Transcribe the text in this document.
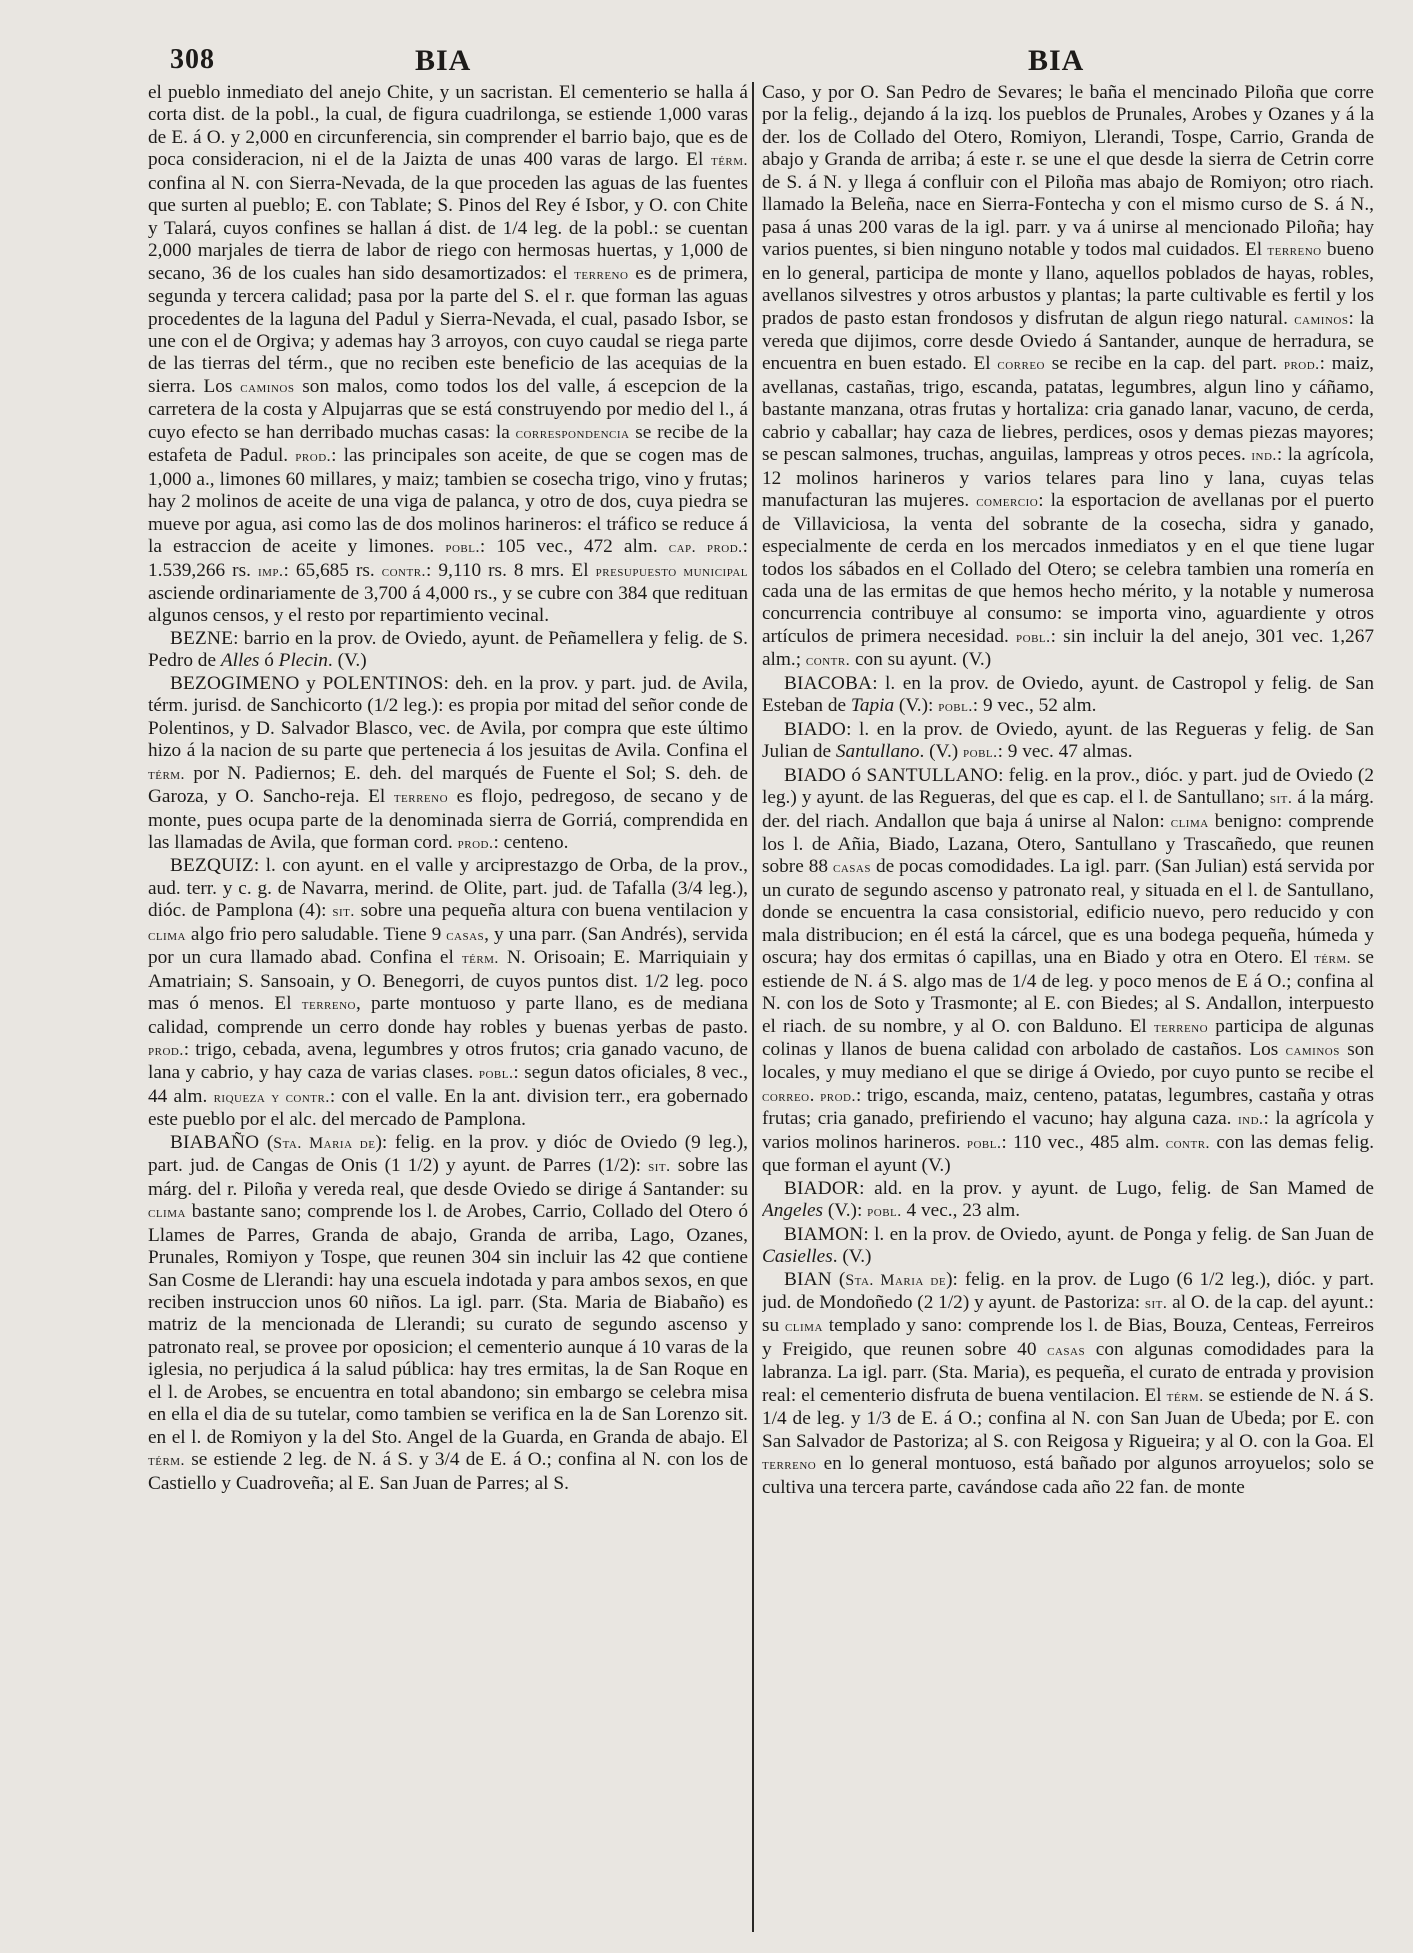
308	BIA	BIA

el pueblo inmediato del anejo Chite, y un sacristan. El cementerio se halla á corta dist. de la pobl., la cual, de figura cuadrilonga, se estiende 1,000 varas de E. á O. y 2,000 en circunferencia, sin comprender el barrio bajo, que es de poca consideracion, ni el de la Jaizta de unas 400 varas de largo. El térm. confina al N. con Sierra-Nevada, de la que proceden las aguas de las fuentes que surten al pueblo; E. con Tablate; S. Pinos del Rey é Isbor, y O. con Chite y Talará, cuyos confines se hallan á dist. de 1/4 leg. de la pobl.: se cuentan 2,000 marjales de tierra de labor de riego con hermosas huertas, y 1,000 de secano, 36 de los cuales han sido desamortizados: el terreno es de primera, segunda y tercera calidad; pasa por la parte del S. el r. que forman las aguas procedentes de la laguna del Padul y Sierra-Nevada, el cual, pasado Isbor, se une con el de Orgiva; y ademas hay 3 arroyos, con cuyo caudal se riega parte de las tierras del térm., que no reciben este beneficio de las acequias de la sierra. Los caminos son malos, como todos los del valle, á escepcion de la carretera de la costa y Alpujarras que se está construyendo por medio del l., á cuyo efecto se han derribado muchas casas: la correspondencia se recibe de la estafeta de Padul. prod.: las principales son aceite, de que se cogen mas de 1,000 a., limones 60 millares, y maiz; tambien se cosecha trigo, vino y frutas; hay 2 molinos de aceite de una viga de palanca, y otro de dos, cuya piedra se mueve por agua, asi como las de dos molinos harineros: el tráfico se reduce á la estraccion de aceite y limones. pobl.: 105 vec., 472 alm. cap. prod.: 1.539,266 rs. imp.: 65,685 rs. contr.: 9,110 rs. 8 mrs. El presupuesto municipal asciende ordinariamente de 3,700 á 4,000 rs., y se cubre con 384 que redituan algunos censos, y el resto por repartimiento vecinal.

BEZNE: barrio en la prov. de Oviedo, ayunt. de Peñamellera y felig. de S. Pedro de Alles ó Plecin. (V.)

BEZOGIMENO y POLENTINOS: deh. en la prov. y part. jud. de Avila, térm. jurisd. de Sanchicorto (1/2 leg.): es propia por mitad del señor conde de Polentinos, y D. Salvador Blasco, vec. de Avila, por compra que este último hizo á la nacion de su parte que pertenecia á los jesuitas de Avila. Confina el térm. por N. Padiernos; E. deh. del marqués de Fuente el Sol; S. deh. de Garoza, y O. Sancho-reja. El terreno es flojo, pedregoso, de secano y de monte, pues ocupa parte de la denominada sierra de Gorriá, comprendida en las llamadas de Avila, que forman cord. prod.: centeno.

BEZQUIZ: l. con ayunt. en el valle y arciprestazgo de Orba, de la prov., aud. terr. y c. g. de Navarra, merind. de Olite, part. jud. de Tafalla (3/4 leg.), dióc. de Pamplona (4): sit. sobre una pequeña altura con buena ventilacion y clima algo frio pero saludable. Tiene 9 casas, y una parr. (San Andrés), servida por un cura llamado abad. Confina el térm. N. Orisoain; E. Marriquiain y Amatriain; S. Sansoain, y O. Benegorri, de cuyos puntos dist. 1/2 leg. poco mas ó menos. El terreno, parte montuoso y parte llano, es de mediana calidad, comprende un cerro donde hay robles y buenas yerbas de pasto. prod.: trigo, cebada, avena, legumbres y otros frutos; cria ganado vacuno, de lana y cabrio, y hay caza de varias clases. pobl.: segun datos oficiales, 8 vec., 44 alm. riqueza y contr.: con el valle. En la ant. division terr., era gobernado este pueblo por el alc. del mercado de Pamplona.

BIABAÑO (Sta. Maria de): felig. en la prov. y dióc de Oviedo (9 leg.), part. jud. de Cangas de Onis (1 1/2) y ayunt. de Parres (1/2): sit. sobre las márg. del r. Piloña y vereda real, que desde Oviedo se dirige á Santander: su clima bastante sano; comprende los l. de Arobes, Carrio, Collado del Otero ó Llames de Parres, Granda de abajo, Granda de arriba, Lago, Ozanes, Prunales, Romiyon y Tospe, que reunen 304 sin incluir las 42 que contiene San Cosme de Llerandi: hay una escuela indotada y para ambos sexos, en que reciben instruccion unos 60 niños. La igl. parr. (Sta. Maria de Biabaño) es matriz de la mencionada de Llerandi; su curato de segundo ascenso y patronato real, se provee por oposicion; el cementerio aunque á 10 varas de la iglesia, no perjudica á la salud pública: hay tres ermitas, la de San Roque en el l. de Arobes, se encuentra en total abandono; sin embargo se celebra misa en ella el dia de su tutelar, como tambien se verifica en la de San Lorenzo sit. en el l. de Romiyon y la del Sto. Angel de la Guarda, en Granda de abajo. El térm. se estiende 2 leg. de N. á S. y 3/4 de E. á O.; confina al N. con los de Castiello y Cuadroveña; al E. San Juan de Parres; al S.

Caso, y por O. San Pedro de Sevares; le baña el mencinado Piloña que corre por la felig., dejando á la izq. los pueblos de Prunales, Arobes y Ozanes y á la der. los de Collado del Otero, Romiyon, Llerandi, Tospe, Carrio, Granda de abajo y Granda de arriba; á este r. se une el que desde la sierra de Cetrin corre de S. á N. y llega á confluir con el Piloña mas abajo de Romiyon; otro riach. llamado la Beleña, nace en Sierra-Fontecha y con el mismo curso de S. á N., pasa á unas 200 varas de la igl. parr. y va á unirse al mencionado Piloña; hay varios puentes, si bien ninguno notable y todos mal cuidados. El terreno bueno en lo general, participa de monte y llano, aquellos poblados de hayas, robles, avellanos silvestres y otros arbustos y plantas; la parte cultivable es fertil y los prados de pasto estan frondosos y disfrutan de algun riego natural. caminos: la vereda que dijimos, corre desde Oviedo á Santander, aunque de herradura, se encuentra en buen estado. El correo se recibe en la cap. del part. prod.: maiz, avellanas, castañas, trigo, escanda, patatas, legumbres, algun lino y cáñamo, bastante manzana, otras frutas y hortaliza: cria ganado lanar, vacuno, de cerda, cabrio y caballar; hay caza de liebres, perdices, osos y demas piezas mayores; se pescan salmones, truchas, anguilas, lampreas y otros peces. ind.: la agrícola, 12 molinos harineros y varios telares para lino y lana, cuyas telas manufacturan las mujeres. comercio: la esportacion de avellanas por el puerto de Villaviciosa, la venta del sobrante de la cosecha, sidra y ganado, especialmente de cerda en los mercados inmediatos y en el que tiene lugar todos los sábados en el Collado del Otero; se celebra tambien una romería en cada una de las ermitas de que hemos hecho mérito, y la notable y numerosa concurrencia contribuye al consumo: se importa vino, aguardiente y otros artículos de primera necesidad. pobl.: sin incluir la del anejo, 301 vec. 1,267 alm.; contr. con su ayunt. (V.)

BIACOBA: l. en la prov. de Oviedo, ayunt. de Castropol y felig. de San Esteban de Tapia (V.): pobl.: 9 vec., 52 alm.

BIADO: l. en la prov. de Oviedo, ayunt. de las Regueras y felig. de San Julian de Santullano. (V.) pobl.: 9 vec. 47 almas.

BIADO ó SANTULLANO: felig. en la prov., dióc. y part. jud de Oviedo (2 leg.) y ayunt. de las Regueras, del que es cap. el l. de Santullano; sit. á la márg. der. del riach. Andallon que baja á unirse al Nalon: clima benigno: comprende los l. de Añia, Biado, Lazana, Otero, Santullano y Trascañedo, que reunen sobre 88 casas de pocas comodidades. La igl. parr. (San Julian) está servida por un curato de segundo ascenso y patronato real, y situada en el l. de Santullano, donde se encuentra la casa consistorial, edificio nuevo, pero reducido y con mala distribucion; en él está la cárcel, que es una bodega pequeña, húmeda y oscura; hay dos ermitas ó capillas, una en Biado y otra en Otero. El térm. se estiende de N. á S. algo mas de 1/4 de leg. y poco menos de E á O.; confina al N. con los de Soto y Trasmonte; al E. con Biedes; al S. Andallon, interpuesto el riach. de su nombre, y al O. con Balduno. El terreno participa de algunas colinas y llanos de buena calidad con arbolado de castaños. Los caminos son locales, y muy mediano el que se dirige á Oviedo, por cuyo punto se recibe el correo. prod.: trigo, escanda, maiz, centeno, patatas, legumbres, castaña y otras frutas; cria ganado, prefiriendo el vacuno; hay alguna caza. ind.: la agrícola y varios molinos harineros. pobl.: 110 vec., 485 alm. contr. con las demas felig. que forman el ayunt (V.)

BIADOR: ald. en la prov. y ayunt. de Lugo, felig. de San Mamed de Angeles (V.): pobl. 4 vec., 23 alm.

BIAMON: l. en la prov. de Oviedo, ayunt. de Ponga y felig. de San Juan de Casielles. (V.)

BIAN (Sta. Maria de): felig. en la prov. de Lugo (6 1/2 leg.), dióc. y part. jud. de Mondoñedo (2 1/2) y ayunt. de Pastoriza: sit. al O. de la cap. del ayunt.: su clima templado y sano: comprende los l. de Bias, Bouza, Centeas, Ferreiros y Freigido, que reunen sobre 40 casas con algunas comodidades para la labranza. La igl. parr. (Sta. Maria), es pequeña, el curato de entrada y provision real: el cementerio disfruta de buena ventilacion. El térm. se estiende de N. á S. 1/4 de leg. y 1/3 de E. á O.; confina al N. con San Juan de Ubeda; por E. con San Salvador de Pastoriza; al S. con Reigosa y Rigueira; y al O. con la Goa. El terreno en lo general montuoso, está bañado por algunos arroyuelos; solo se cultiva una tercera parte, cavándose cada año 22 fan. de monte
